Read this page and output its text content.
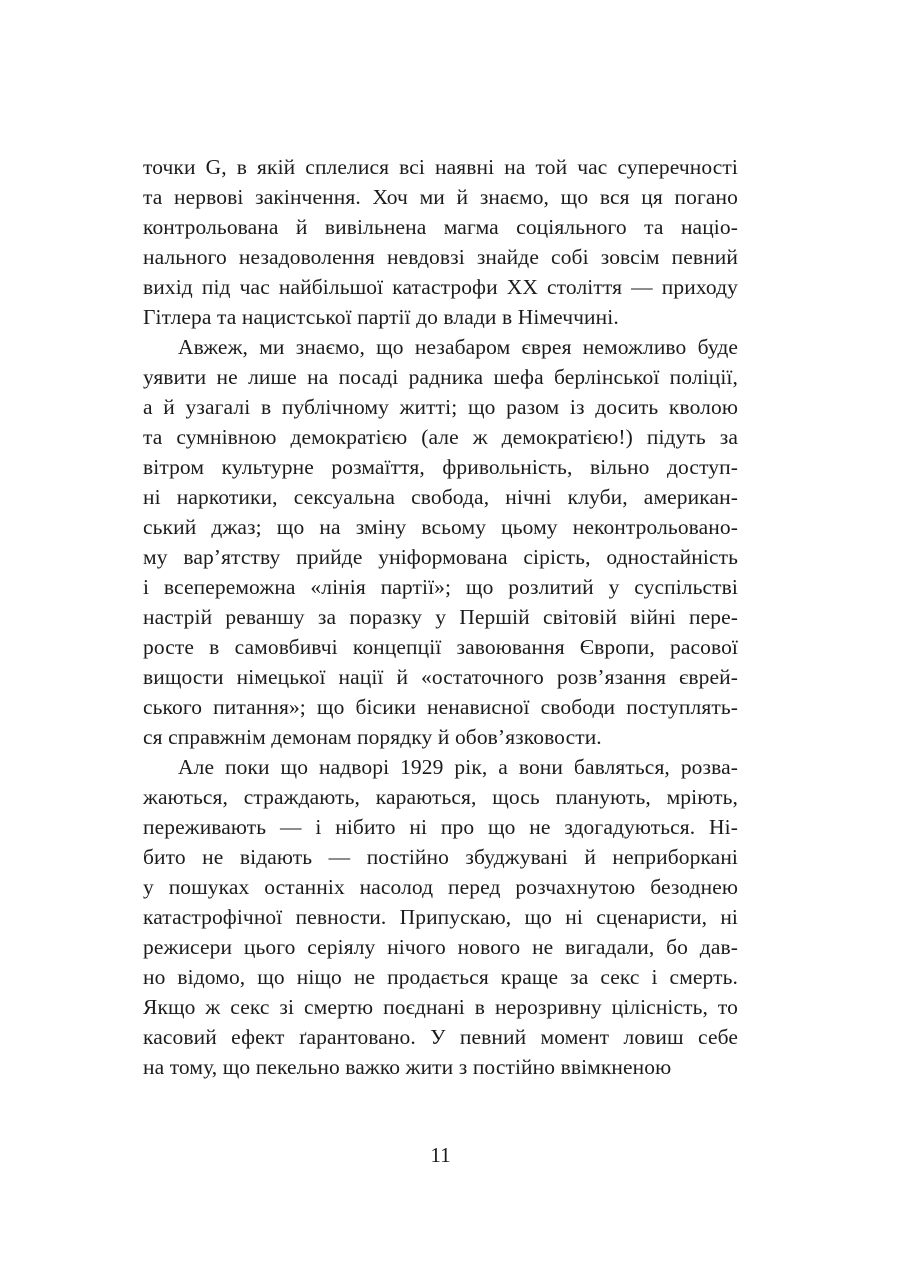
точки G, в якій сплелися всі наявні на той час суперечності
та нервові закінчення. Хоч ми й знаємо, що вся ця погано
контрольована й вивільнена магма соціяльного та націо-
нального незадоволення невдовзі знайде собі зовсім певний
вихід під час найбільшої катастрофи ХХ століття — приходу
Гітлера та нацистської партії до влади в Німеччині.

Авжеж, ми знаємо, що незабаром єврея неможливо буде
уявити не лише на посаді радника шефа берлінської поліції,
а й узагалі в публічному житті; що разом із досить кволою
та сумнівною демократією (але ж демократією!) підуть за
вітром культурне розмаїття, фривольність, вільно доступ-
ні наркотики, сексуальна свобода, нічні клуби, американ-
ський джаз; що на зміну всьому цьому неконтрольовано-
му вар’ятству прийде уніформована сірість, одностайність
і всепереможна «лінія партії»; що розлитий у суспільстві
настрій реваншу за поразку у Першій світовій війні пере-
росте в самовбивчі концепції завоювання Європи, расової
вищости німецької нації й «остаточного розв’язання єврей-
ського питання»; що бісики ненависної свободи поступлять-
ся справжнім демонам порядку й обов’язковости.

Але поки що надворі 1929 рік, а вони бавляться, розва-
жаються, страждають, караються, щось планують, мріють,
переживають — і нібито ні про що не здогадуються. Ні-
бито не відають — постійно збуджувані й неприборкані
у пошуках останніх насолод перед розчахнутою безоднею
катастрофічної певности. Припускаю, що ні сценаристи, ні
режисери цього серіялу нічого нового не вигадали, бо дав-
но відомо, що ніщо не продається краще за секс і смерть.
Якщо ж секс зі смертю поєднані в нерозривну цілісність, то
касовий ефект ґарантовано. У певний момент ловиш себе
на тому, що пекельно важко жити з постійно ввімкненою

11
